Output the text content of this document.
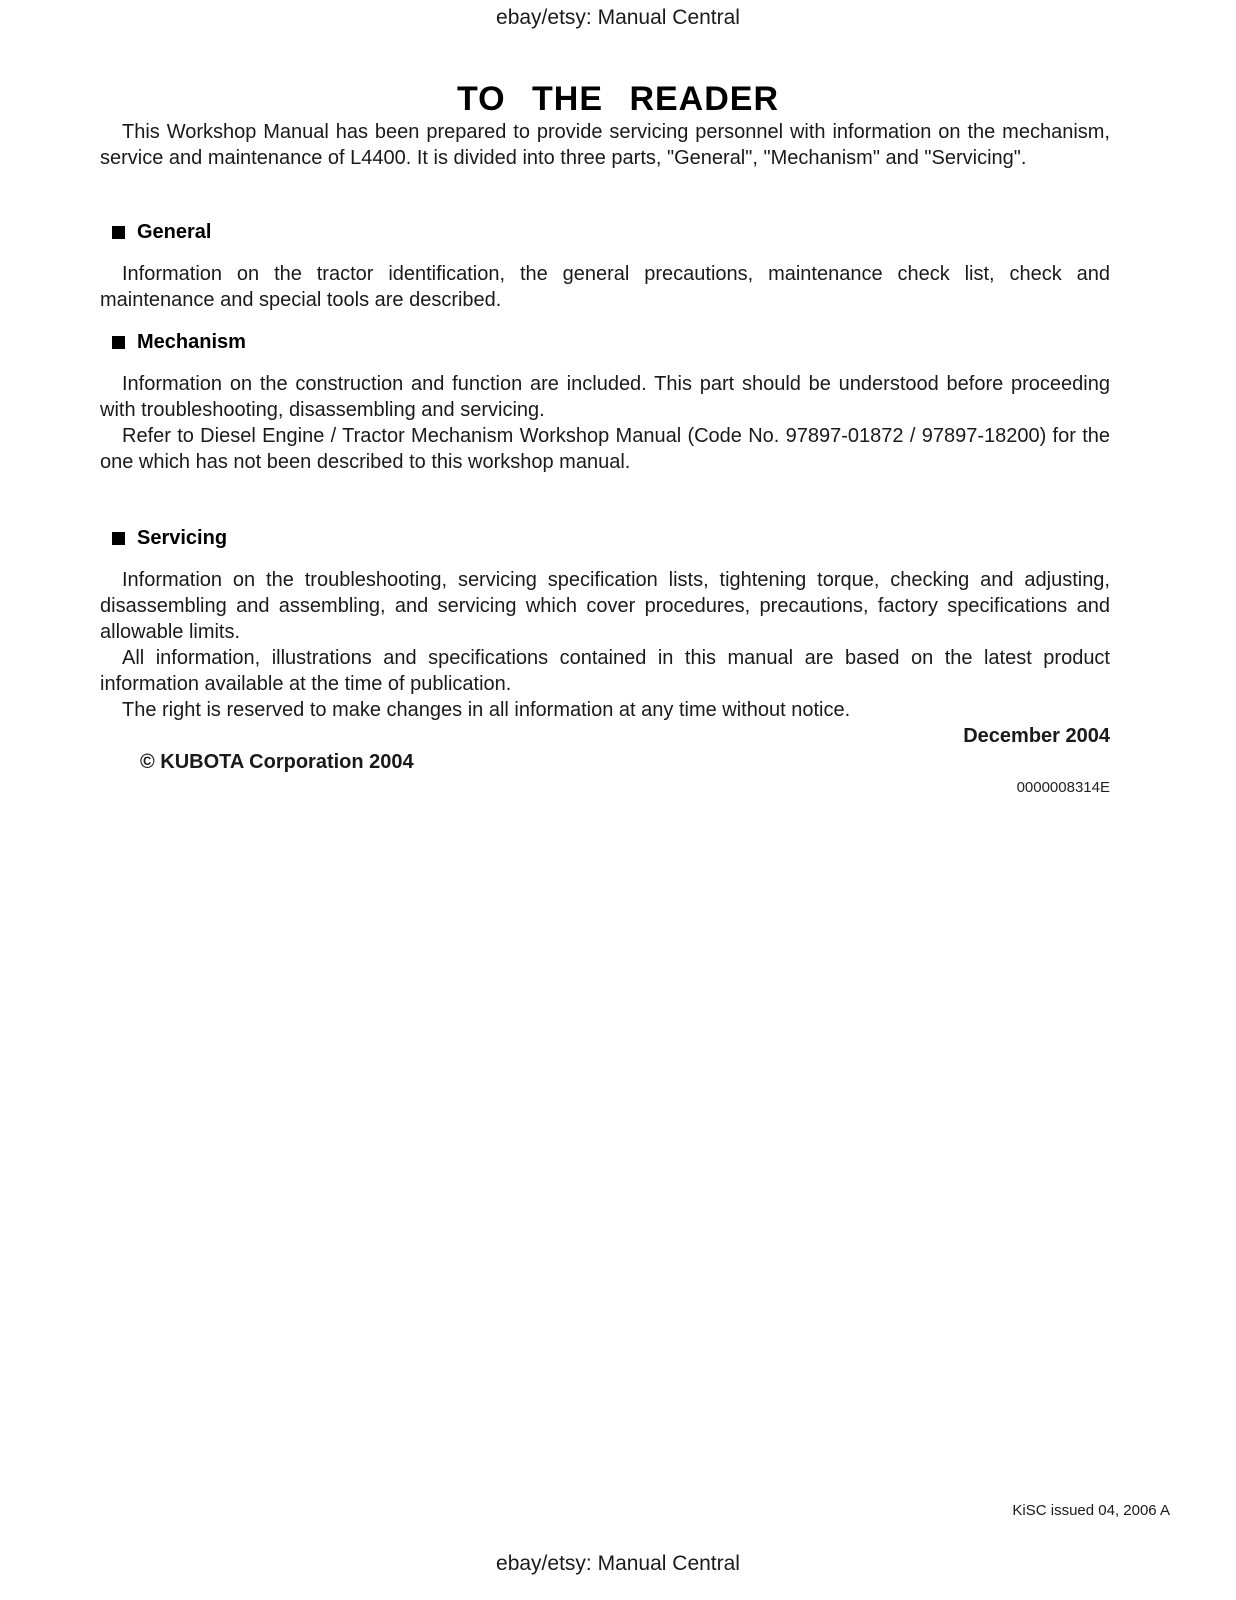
ebay/etsy: Manual Central
TO THE READER

This Workshop Manual has been prepared to provide servicing personnel with information on the mechanism, service and maintenance of L4400. It is divided into three parts, "General", "Mechanism" and "Servicing".

General

Information on the tractor identification, the general precautions, maintenance check list, check and maintenance and special tools are described.

Mechanism

Information on the construction and function are included. This part should be understood before proceeding with troubleshooting, disassembling and servicing.

Refer to Diesel Engine / Tractor Mechanism Workshop Manual (Code No. 97897-01872 / 97897-18200) for the one which has not been described to this workshop manual.

Servicing

Information on the troubleshooting, servicing specification lists, tightening torque, checking and adjusting, disassembling and assembling, and servicing which cover procedures, precautions, factory specifications and allowable limits.

All information, illustrations and specifications contained in this manual are based on the latest product information available at the time of publication.

The right is reserved to make changes in all information at any time without notice.

December 2004

© KUBOTA Corporation 2004

0000008314E

KiSC issued 04, 2006 A
ebay/etsy: Manual Central
